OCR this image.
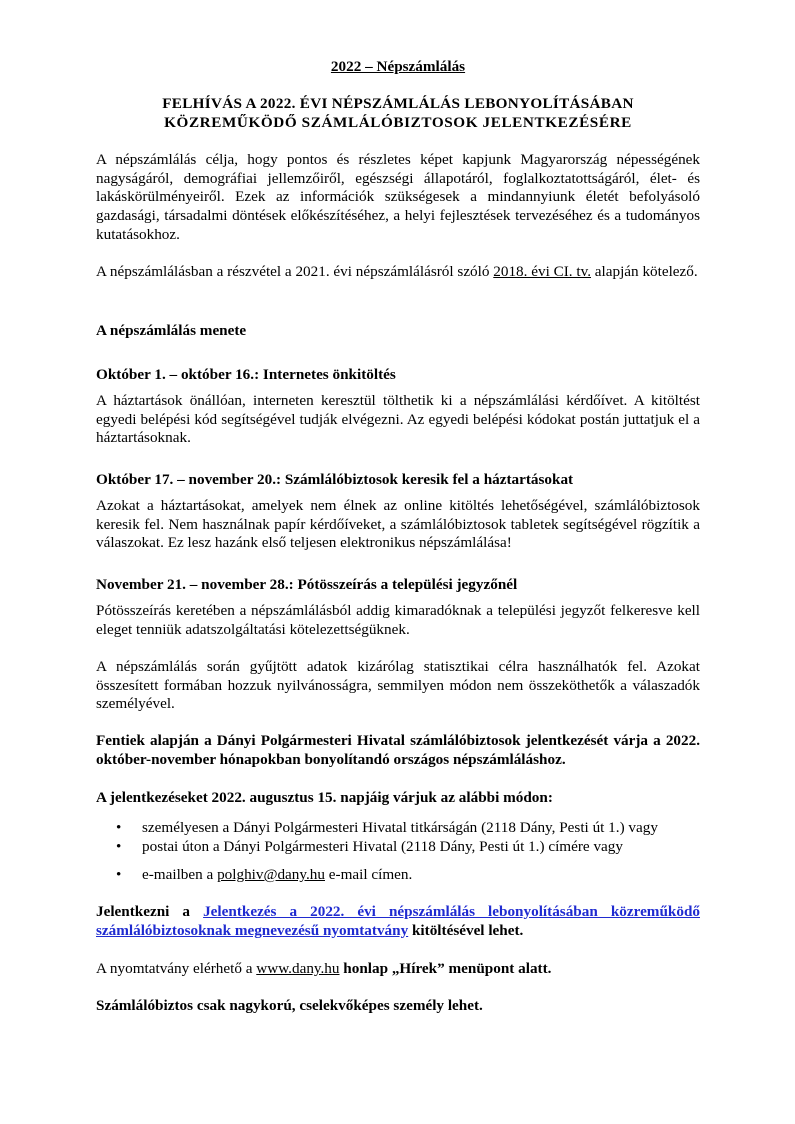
2022 – Népszámlálás

FELHÍVÁS A 2022. ÉVI NÉPSZÁMLÁLÁS LEBONYOLÍTÁSÁBAN

KÖZREMŰKÖDŐ SZÁMLÁLÓBIZTOSOK JELENTKEZÉSÉRE

A népszámlálás célja, hogy pontos és részletes képet kapjunk Magyarország népességének nagyságáról, demográfiai jellemzőiről, egészségi állapotáról, foglalkoztatottságáról, élet- és lakáskörülményeiről. Ezek az információk szükségesek a mindannyiunk életét befolyásoló gazdasági, társadalmi döntések előkészítéséhez, a helyi fejlesztések tervezéséhez és a tudományos kutatásokhoz.

A népszámlálásban a részvétel a 2021. évi népszámlálásról szóló 2018. évi CI. tv. alapján kötelező.

A népszámlálás menete

Október 1. – október 16.: Internetes önkitöltés

A háztartások önállóan, interneten keresztül tölthetik ki a népszámlálási kérdőívet. A kitöltést egyedi belépési kód segítségével tudják elvégezni. Az egyedi belépési kódokat postán juttatjuk el a háztartásoknak.

Október 17. – november 20.: Számlálóbiztosok keresik fel a háztartásokat

Azokat a háztartásokat, amelyek nem élnek az online kitöltés lehetőségével, számlálóbiztosok keresik fel. Nem használnak papír kérdőíveket, a számlálóbiztosok tabletek segítségével rögzítik a válaszokat. Ez lesz hazánk első teljesen elektronikus népszámlálása!

November 21. – november 28.: Pótösszeírás a települési jegyzőnél

Pótösszeírás keretében a népszámlálásból addig kimaradóknak a települési jegyzőt felkeresve kell eleget tenniük adatszolgáltatási kötelezettségüknek.

A népszámlálás során gyűjtött adatok kizárólag statisztikai célra használhatók fel. Azokat összesített formában hozzuk nyilvánosságra, semmilyen módon nem összeköthetők a válaszadók személyével.

Fentiek alapján a Dányi Polgármesteri Hivatal számlálóbiztosok jelentkezését várja a 2022. október-november hónapokban bonyolítandó országos népszámláláshoz.

A jelentkezéseket 2022. augusztus 15. napjáig várjuk az alábbi módon:

• személyesen a Dányi Polgármesteri Hivatal titkárságán (2118 Dány, Pesti út 1.) vagy
• postai úton a Dányi Polgármesteri Hivatal (2118 Dány, Pesti út 1.) címére vagy
• e-mailben a polghiv@dany.hu e-mail címen.

Jelentkezni a Jelentkezés a 2022. évi népszámlálás lebonyolításában közreműködő számlálóbiztosoknak megnevezésű nyomtatvány kitöltésével lehet.

A nyomtatvány elérhető a www.dany.hu honlap „Hírek” menüpont alatt.

Számlálóbiztos csak nagykorú, cselekvőképes személy lehet.
